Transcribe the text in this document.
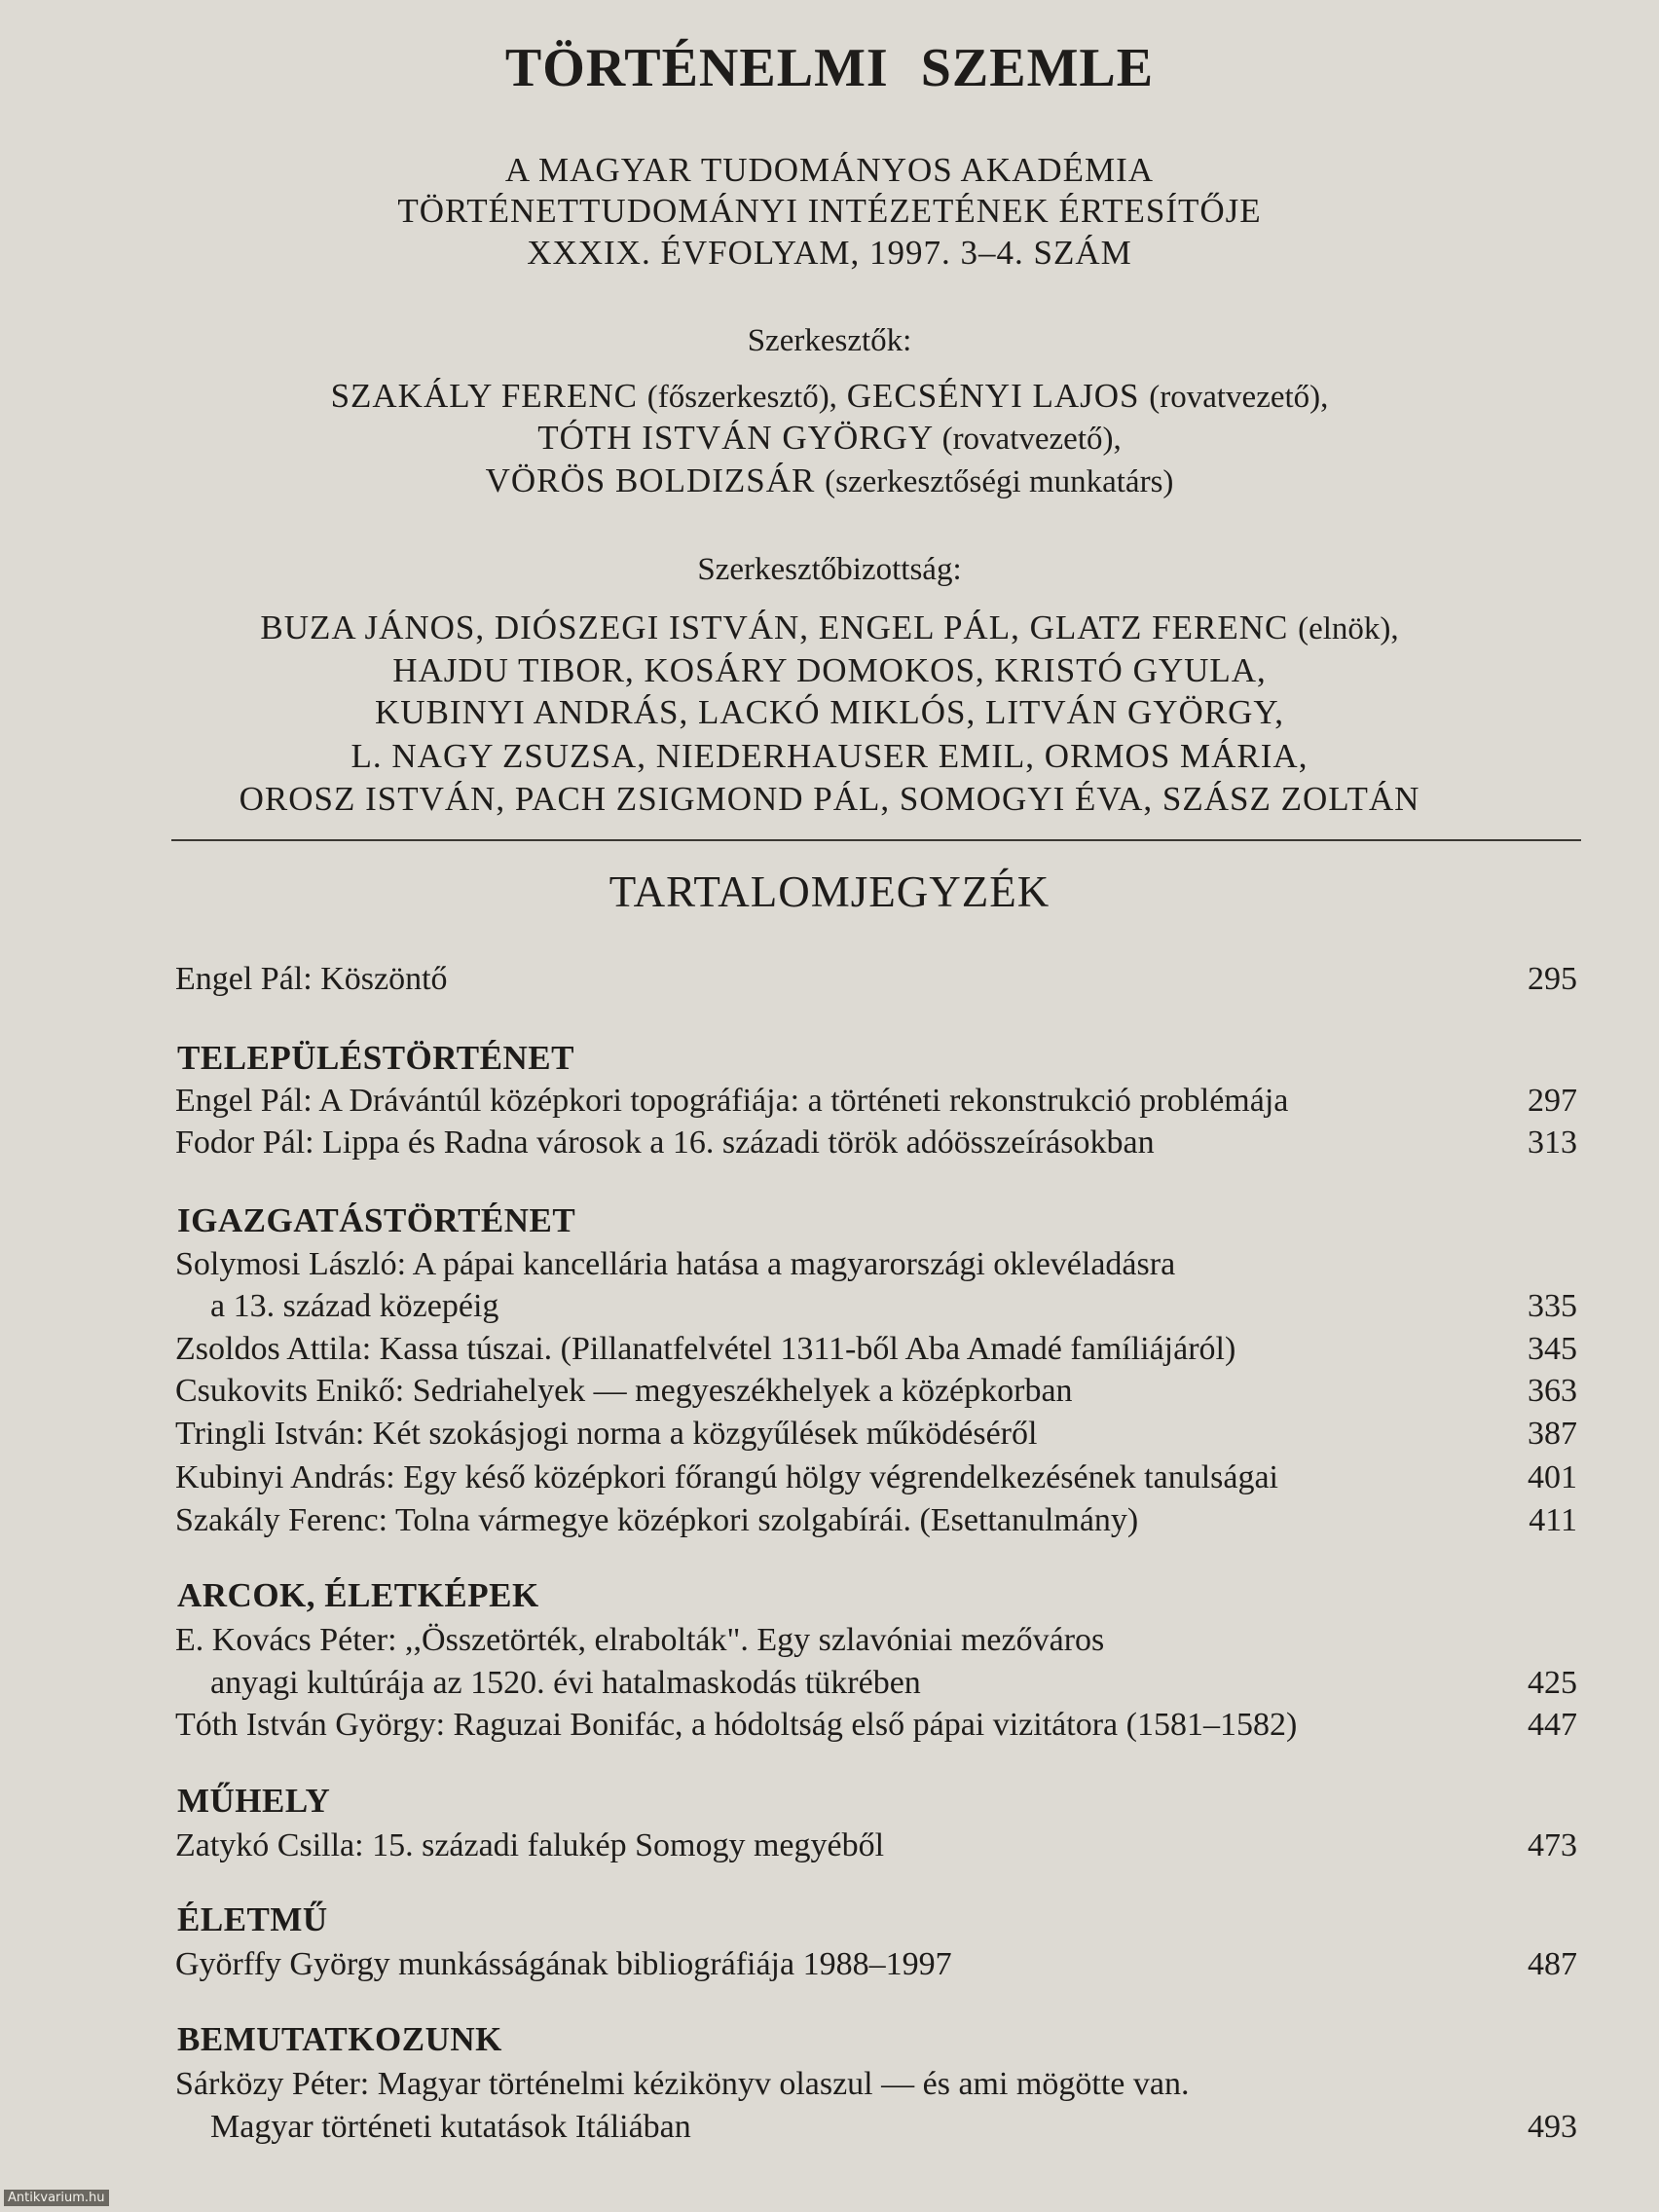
TÖRTÉNELMI SZEMLE
A MAGYAR TUDOMÁNYOS AKADÉMIA
TÖRTÉNETTUDOMÁNYI INTÉZETÉNEK ÉRTESÍTŐJE
XXXIX. ÉVFOLYAM, 1997. 3–4. SZÁM
Szerkesztők:
SZAKÁLY FERENC (főszerkesztő), GECSÉNYI LAJOS (rovatvezető),
TÓTH ISTVÁN GYÖRGY (rovatvezető),
VÖRÖS BOLDIZSÁR (szerkesztőségi munkatárs)
Szerkesztőbizottság:
BUZA JÁNOS, DIÓSZEGI ISTVÁN, ENGEL PÁL, GLATZ FERENC (elnök),
HAJDU TIBOR, KOSÁRY DOMOKOS, KRISTÓ GYULA,
KUBINYI ANDRÁS, LACKÓ MIKLÓS, LITVÁN GYÖRGY,
L. NAGY ZSUZSA, NIEDERHAUSER EMIL, ORMOS MÁRIA,
OROSZ ISTVÁN, PACH ZSIGMOND PÁL, SOMOGYI ÉVA, SZÁSZ ZOLTÁN
TARTALOMJEGYZÉK
Engel Pál: Köszöntő	295
TELEPÜLÉSTÖRTÉNET
Engel Pál: A Drávántúl középkori topográfiája: a történeti rekonstrukció problémája	297
Fodor Pál: Lippa és Radna városok a 16. századi török adóösszeírásokban	313
IGAZGATÁSTÖRTÉNET
Solymosi László: A pápai kancellária hatása a magyarországi oklevéladásra
a 13. század közepéig	335
Zsoldos Attila: Kassa túszai. (Pillanatfelvétel 1311-ből Aba Amadé famíliájáról)	345
Csukovits Enikő: Sedriahelyek — megyeszékhelyek a középkorban	363
Tringli István: Két szokásjogi norma a közgyűlések működéséről	387
Kubinyi András: Egy késő középkori főrangú hölgy végrendelkezésének tanulságai	401
Szakály Ferenc: Tolna vármegye középkori szolgabírái. (Esettanulmány)	411
ARCOK, ÉLETKÉPEK
E. Kovács Péter: ,,Összetörték, elrabolták". Egy szlavóniai mezőváros
anyagi kultúrája az 1520. évi hatalmaskodás tükrében	425
Tóth István György: Raguzai Bonifác, a hódoltság első pápai vizitátora (1581–1582)	447
MŰHELY
Zatykó Csilla: 15. századi falukép Somogy megyéből	473
ÉLETMŰ
Györffy György munkásságának bibliográfiája 1988–1997	487
BEMUTATKOZUNK
Sárközy Péter: Magyar történelmi kézikönyv olaszul — és ami mögötte van.
Magyar történeti kutatások Itáliában	493
Antikvarium.hu
